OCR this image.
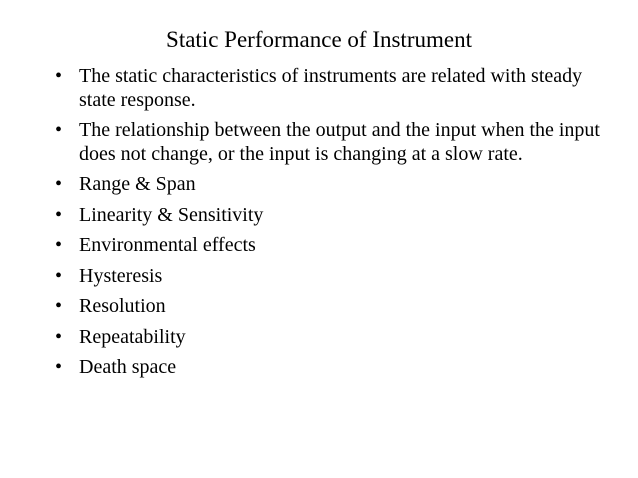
Static Performance of Instrument
• The static characteristics of instruments are related with steady state response.
• The relationship between the output and the input when the input does not change, or the input is changing at a slow rate.
• Range & Span
• Linearity & Sensitivity
• Environmental effects
• Hysteresis
• Resolution
• Repeatability
• Death space
